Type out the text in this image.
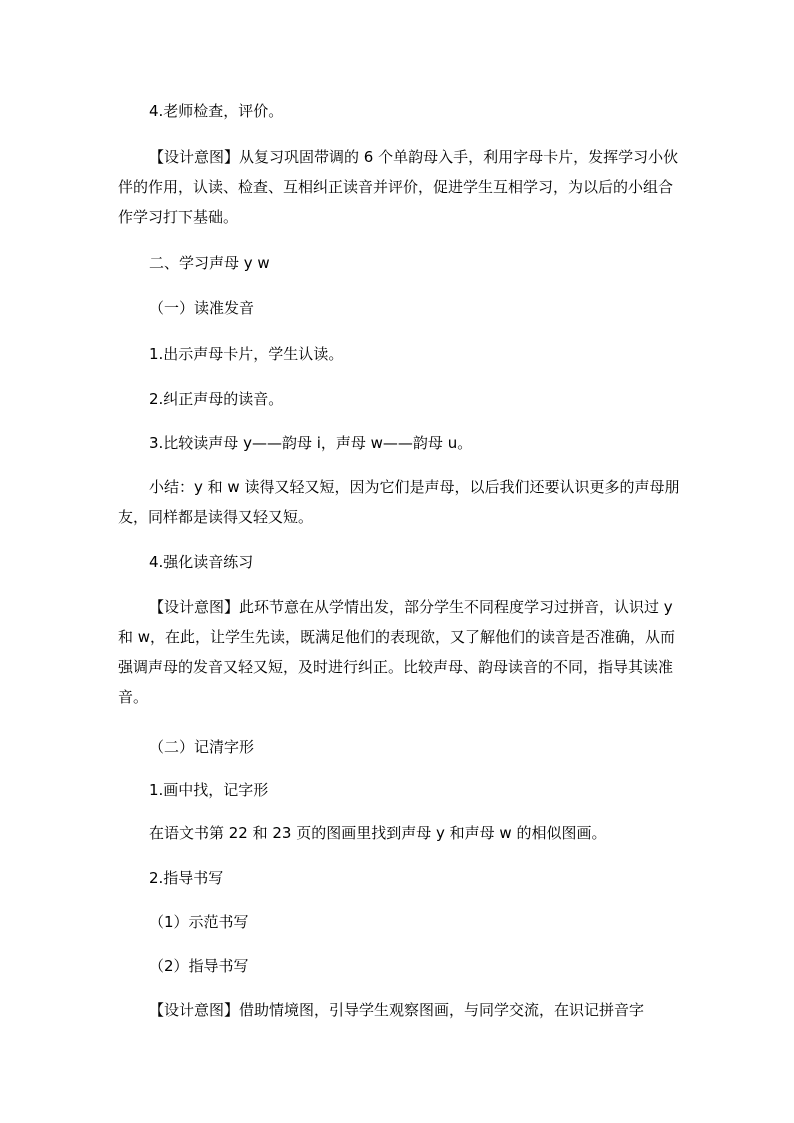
4.老师检查，评价。
【设计意图】从复习巩固带调的 6 个单韵母入手，利用字母卡片，发挥学习小伙伴的作用，认读、检查、互相纠正读音并评价，促进学生互相学习，为以后的小组合作学习打下基础。
二、学习声母 y w
（一）读准发音
1.出示声母卡片，学生认读。
2.纠正声母的读音。
3.比较读声母 y——韵母 i，声母 w——韵母 u。
小结：y 和 w 读得又轻又短，因为它们是声母，以后我们还要认识更多的声母朋友，同样都是读得又轻又短。
4.强化读音练习
【设计意图】此环节意在从学情出发，部分学生不同程度学习过拼音，认识过 y 和 w，在此，让学生先读，既满足他们的表现欲，又了解他们的读音是否准确，从而强调声母的发音又轻又短，及时进行纠正。比较声母、韵母读音的不同，指导其读准音。
（二）记清字形
1.画中找，记字形
在语文书第 22 和 23 页的图画里找到声母 y 和声母 w 的相似图画。
2.指导书写
（1）示范书写
（2）指导书写
【设计意图】借助情境图，引导学生观察图画，与同学交流，在识记拼音字
